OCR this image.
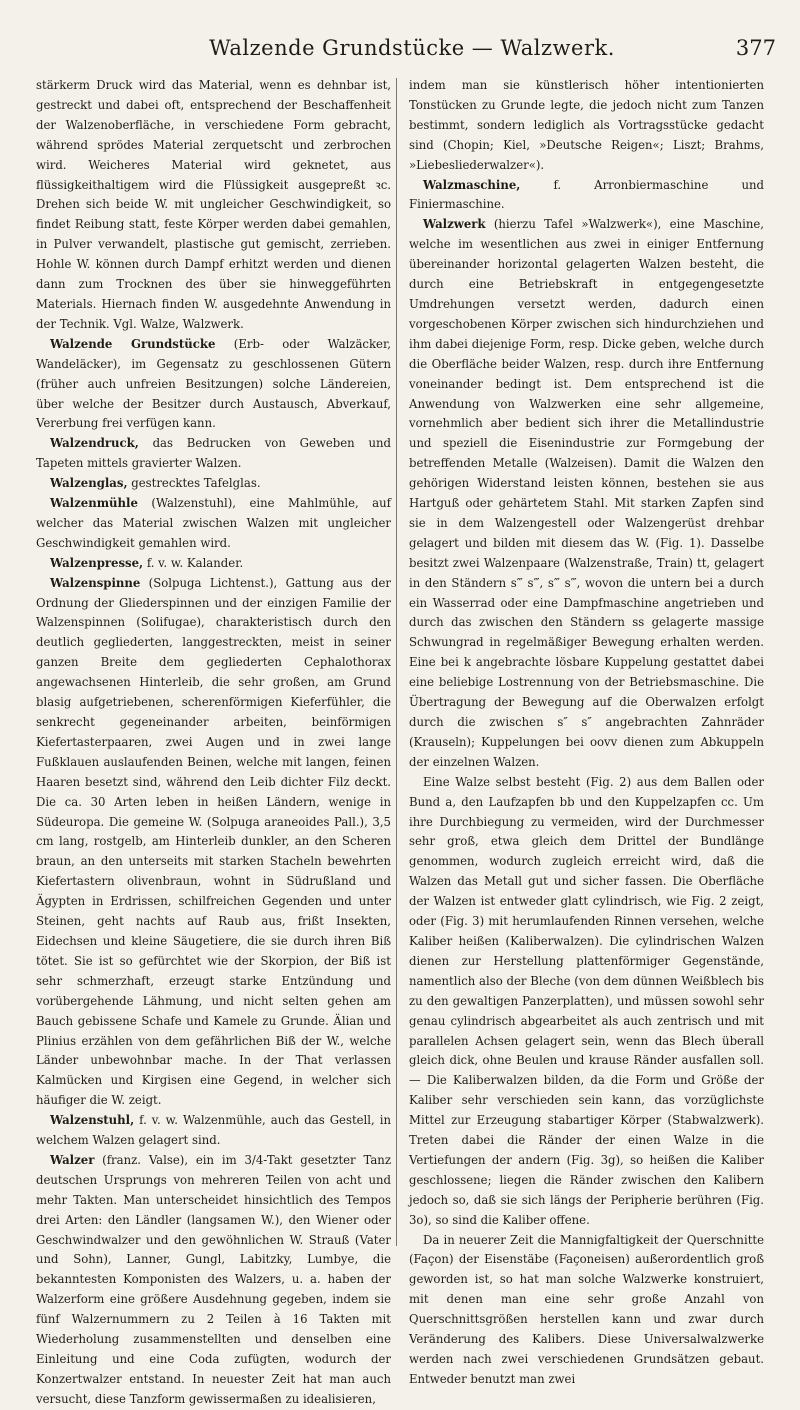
Walzende Grundstücke — Walzwerk.	377

stärkerm Druck wird das Material, wenn es dehnbar ist, gestreckt und dabei oft, entsprechend der Beschaffenheit der Walzenoberfläche, in verschiedene Form gebracht, während sprödes Material zerquetscht und zerbrochen wird. Weicheres Material wird geknetet, aus flüssigkeithaltigem wird die Flüssigkeit ausgepreßt ꝛc. Drehen sich beide W. mit ungleicher Geschwindigkeit, so findet Reibung statt, feste Körper werden dabei gemahlen, in Pulver verwandelt, plastische gut gemischt, zerrieben. Hohle W. können durch Dampf erhitzt werden und dienen dann zum Trocknen des über sie hinweggeführten Materials. Hiernach finden W. ausgedehnte Anwendung in der Technik. Vgl. Walze, Walzwerk.

Walzende Grundstücke (Erb- oder Walzäcker, Wandeläcker), im Gegensatz zu geschlossenen Gütern (früher auch unfreien Besitzungen) solche Ländereien, über welche der Besitzer durch Austausch, Abverkauf, Vererbung frei verfügen kann.

Walzendruck, das Bedrucken von Geweben und Tapeten mittels gravierter Walzen.

Walzenglas, gestrecktes Tafelglas.

Walzenmühle (Walzenstuhl), eine Mahlmühle, auf welcher das Material zwischen Walzen mit ungleicher Geschwindigkeit gemahlen wird.

Walzenpresse, f. v. w. Kalander.

Walzenspinne (Solpuga Lichtenst.), Gattung aus der Ordnung der Gliederspinnen und der einzigen Familie der Walzenspinnen (Solifugae), charakteristisch durch den deutlich gegliederten, langgestreckten, meist in seiner ganzen Breite dem gegliederten Cephalothorax angewachsenen Hinterleib, die sehr großen, am Grund blasig aufgetriebenen, scherenförmigen Kieferfühler, die senkrecht gegeneinander arbeiten, beinförmigen Kiefertasterpaaren, zwei Augen und in zwei lange Fußklauen auslaufenden Beinen, welche mit langen, feinen Haaren besetzt sind, während den Leib dichter Filz deckt. Die ca. 30 Arten leben in heißen Ländern, wenige in Südeuropa. Die gemeine W. (Solpuga araneoides Pall.), 3,5 cm lang, rostgelb, am Hinterleib dunkler, an den Scheren braun, an den unterseits mit starken Stacheln bewehrten Kiefertastern olivenbraun, wohnt in Südrußland und Ägypten in Erdrissen, schilfreichen Gegenden und unter Steinen, geht nachts auf Raub aus, frißt Insekten, Eidechsen und kleine Säugetiere, die sie durch ihren Biß tötet. Sie ist so gefürchtet wie der Skorpion, der Biß ist sehr schmerzhaft, erzeugt starke Entzündung und vorübergehende Lähmung, und nicht selten gehen am Bauch gebissene Schafe und Kamele zu Grunde. Älian und Plinius erzählen von dem gefährlichen Biß der W., welche Länder unbewohnbar mache. In der That verlassen Kalmücken und Kirgisen eine Gegend, in welcher sich häufiger die W. zeigt.

Walzenstuhl, f. v. w. Walzenmühle, auch das Gestell, in welchem Walzen gelagert sind.

Walzer (franz. Valse), ein im 3/4-Takt gesetzter Tanz deutschen Ursprungs von mehreren Teilen von acht und mehr Takten. Man unterscheidet hinsichtlich des Tempos drei Arten: den Ländler (langsamen W.), den Wiener oder Geschwindwalzer und den gewöhnlichen W. Strauß (Vater und Sohn), Lanner, Gungl, Labitzky, Lumbye, die bekanntesten Komponisten des Walzers, u. a. haben der Walzerform eine größere Ausdehnung gegeben, indem sie fünf Walzernummern zu 2 Teilen à 16 Takten mit Wiederholung zusammenstellten und denselben eine Einleitung und eine Coda zufügten, wodurch der Konzertwalzer entstand. In neuester Zeit hat man auch versucht, diese Tanzform gewissermaßen zu idealisieren,

indem man sie künstlerisch höher intentionierten Tonstücken zu Grunde legte, die jedoch nicht zum Tanzen bestimmt, sondern lediglich als Vortragsstücke gedacht sind (Chopin; Kiel, »Deutsche Reigen«; Liszt; Brahms, »Liebesliederwalzer«).

Walzmaschine, f. Arronbiermaschine und Finiermaschine.

Walzwerk (hierzu Tafel »Walzwerk«), eine Maschine, welche im wesentlichen aus zwei in einiger Entfernung übereinander horizontal gelagerten Walzen besteht, die durch eine Betriebskraft in entgegengesetzte Umdrehungen versetzt werden, dadurch einen vorgeschobenen Körper zwischen sich hindurchziehen und ihm dabei diejenige Form, resp. Dicke geben, welche durch die Oberfläche beider Walzen, resp. durch ihre Entfernung voneinander bedingt ist. Dem entsprechend ist die Anwendung von Walzwerken eine sehr allgemeine, vornehmlich aber bedient sich ihrer die Metallindustrie und speziell die Eisenindustrie zur Formgebung der betreffenden Metalle (Walzeisen). Damit die Walzen den gehörigen Widerstand leisten können, bestehen sie aus Hartguß oder gehärtetem Stahl. Mit starken Zapfen sind sie in dem Walzengestell oder Walzengerüst drehbar gelagert und bilden mit diesem das W. (Fig. 1). Dasselbe besitzt zwei Walzenpaare (Walzenstraße, Train) tt, gelagert in den Ständern s‴ s‴, s‴ s‴, wovon die untern bei a durch ein Wasserrad oder eine Dampfmaschine angetrieben und durch das zwischen den Ständern ss gelagerte massige Schwungrad in regelmäßiger Bewegung erhalten werden. Eine bei k angebrachte lösbare Kuppelung gestattet dabei eine beliebige Lostrennung von der Betriebsmaschine. Die Übertragung der Bewegung auf die Oberwalzen erfolgt durch die zwischen s″ s″ angebrachten Zahnräder (Krauseln); Kuppelungen bei oovv dienen zum Abkuppeln der einzelnen Walzen.

Eine Walze selbst besteht (Fig. 2) aus dem Ballen oder Bund a, den Laufzapfen bb und den Kuppelzapfen cc. Um ihre Durchbiegung zu vermeiden, wird der Durchmesser sehr groß, etwa gleich dem Drittel der Bundlänge genommen, wodurch zugleich erreicht wird, daß die Walzen das Metall gut und sicher fassen. Die Oberfläche der Walzen ist entweder glatt cylindrisch, wie Fig. 2 zeigt, oder (Fig. 3) mit herumlaufenden Rinnen versehen, welche Kaliber heißen (Kaliberwalzen). Die cylindrischen Walzen dienen zur Herstellung plattenförmiger Gegenstände, namentlich also der Bleche (von dem dünnen Weißblech bis zu den gewaltigen Panzerplatten), und müssen sowohl sehr genau cylindrisch abgearbeitet als auch zentrisch und mit parallelen Achsen gelagert sein, wenn das Blech überall gleich dick, ohne Beulen und krause Ränder ausfallen soll. — Die Kaliberwalzen bilden, da die Form und Größe der Kaliber sehr verschieden sein kann, das vorzüglichste Mittel zur Erzeugung stabartiger Körper (Stabwalzwerk). Treten dabei die Ränder der einen Walze in die Vertiefungen der andern (Fig. 3g), so heißen die Kaliber geschlossene; liegen die Ränder zwischen den Kalibern jedoch so, daß sie sich längs der Peripherie berühren (Fig. 3o), so sind die Kaliber offene.

Da in neuerer Zeit die Mannigfaltigkeit der Querschnitte (Façon) der Eisenstäbe (Façoneisen) außerordentlich groß geworden ist, so hat man solche Walzwerke konstruiert, mit denen man eine sehr große Anzahl von Querschnittsgrößen herstellen kann und zwar durch Veränderung des Kalibers. Diese Universalwalzwerke werden nach zwei verschiedenen Grundsätzen gebaut. Entweder benutzt man zwei
